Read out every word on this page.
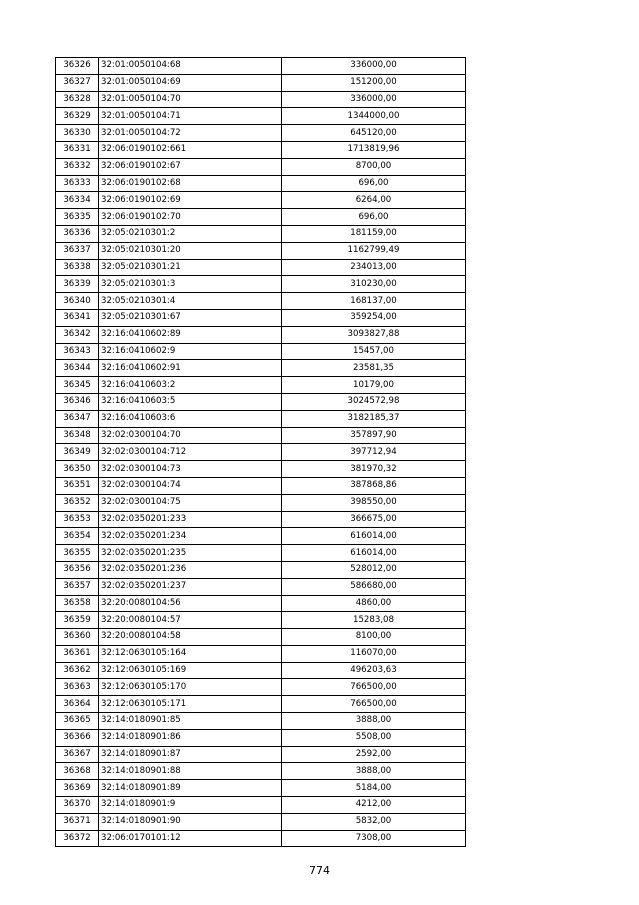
36326	32:01:0050104:68	336000,00
36327	32:01:0050104:69	151200,00
36328	32:01:0050104:70	336000,00
36329	32:01:0050104:71	1344000,00
36330	32:01:0050104:72	645120,00
36331	32:06:0190102:661	1713819,96
36332	32:06:0190102:67	8700,00
36333	32:06:0190102:68	696,00
36334	32:06:0190102:69	6264,00
36335	32:06:0190102:70	696,00
36336	32:05:0210301:2	181159,00
36337	32:05:0210301:20	1162799,49
36338	32:05:0210301:21	234013,00
36339	32:05:0210301:3	310230,00
36340	32:05:0210301:4	168137,00
36341	32:05:0210301:67	359254,00
36342	32:16:0410602:89	3093827,88
36343	32:16:0410602:9	15457,00
36344	32:16:0410602:91	23581,35
36345	32:16:0410603:2	10179,00
36346	32:16:0410603:5	3024572,98
36347	32:16:0410603:6	3182185,37
36348	32:02:0300104:70	357897,90
36349	32:02:0300104:712	397712,94
36350	32:02:0300104:73	381970,32
36351	32:02:0300104:74	387868,86
36352	32:02:0300104:75	398550,00
36353	32:02:0350201:233	366675,00
36354	32:02:0350201:234	616014,00
36355	32:02:0350201:235	616014,00
36356	32:02:0350201:236	528012,00
36357	32:02:0350201:237	586680,00
36358	32:20:0080104:56	4860,00
36359	32:20:0080104:57	15283,08
36360	32:20:0080104:58	8100,00
36361	32:12:0630105:164	116070,00
36362	32:12:0630105:169	496203,63
36363	32:12:0630105:170	766500,00
36364	32:12:0630105:171	766500,00
36365	32:14:0180901:85	3888,00
36366	32:14:0180901:86	5508,00
36367	32:14:0180901:87	2592,00
36368	32:14:0180901:88	3888,00
36369	32:14:0180901:89	5184,00
36370	32:14:0180901:9	4212,00
36371	32:14:0180901:90	5832,00
36372	32:06:0170101:12	7308,00
774
